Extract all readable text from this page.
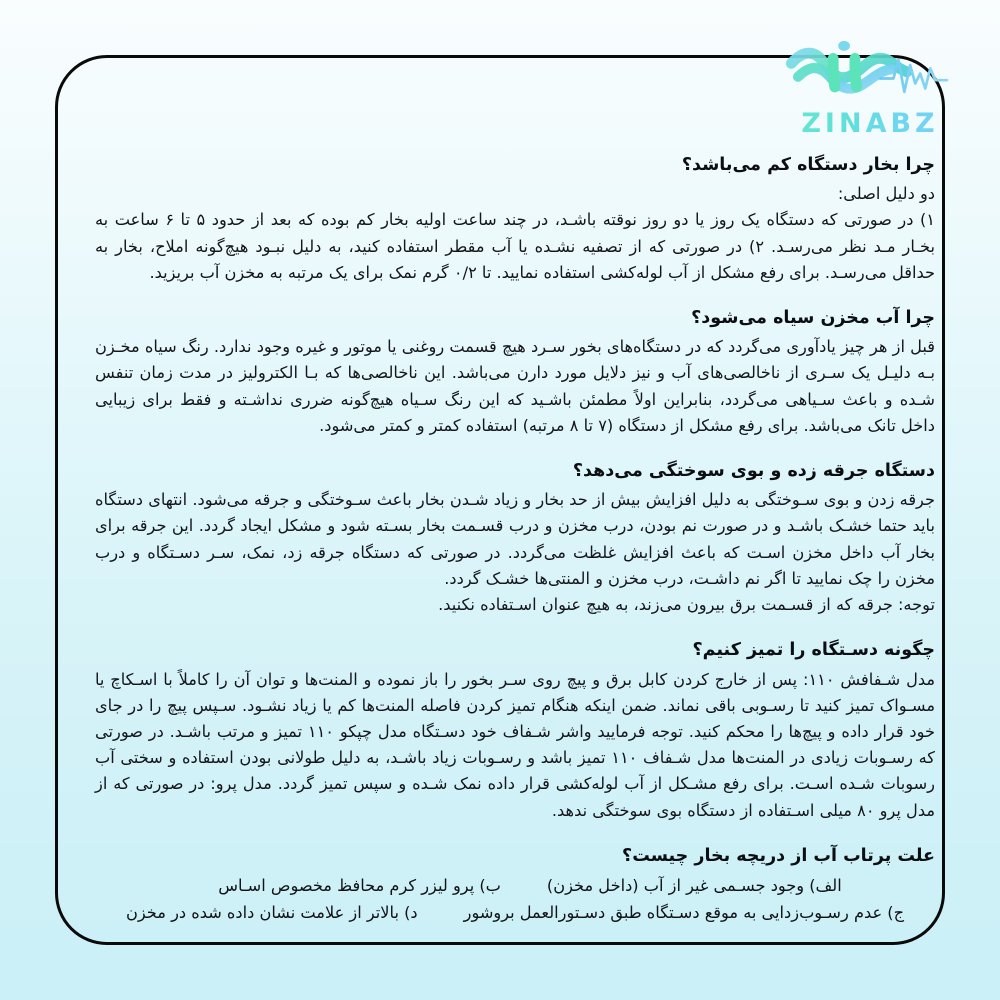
ZINABZ
چرا بخار دستگاه کم می‌باشد؟

دو دلیل اصلی:
۱) در صورتی که دستگاه یک روز یا دو روز نوقته باشـد، در چند ساعت اولیه بخار کم بوده که بعد از حدود ۵ تا ۶ ساعت به بخـار مـد نظر می‌رسـد. ۲) در صورتی که از تصفیه نشـده یا آب مقطر استفاده کنید، به دلیل نبـود هیچ‌گونه املاح، بخار به حداقل می‌رسـد. برای رفع مشکل از آب لوله‌کشی استفاده نمایید. تا ۰/۲ گرم نمک برای یک مرتبه به مخزن آب بریزید.

چرا آب مخزن سیاه می‌شود؟

قبل از هر چیز یادآوری می‌گردد که در دستگاه‌های بخور سـرد هیچ قسمت روغنی یا موتور و غیره وجود ندارد. رنگ سیاه مخـزن بـه دلیـل یک سـری از ناخالصی‌های آب و نیز دلایل مورد دارن می‌باشد. این ناخالصی‌ها که بـا الکترولیز در مدت زمان تنفس شـده و باعث سـیاهی می‌گردد، بنابراین اولاً مطمئن باشـید که این رنگ سـیاه هیچ‌گونه ضرری نداشـته و فقط برای زیبایی داخل تانک می‌باشد. برای رفع مشکل از دستگاه (۷ تا ۸ مرتبه) استفاده کمتر و کمتر می‌شود.

دستگاه جرقه زده و بوی سوختگی می‌دهد؟

جرقه زدن و بوی سـوختگی به دلیل افزایش بیش از حد بخار و زیاد شـدن بخار باعث سـوختگی و جرقه می‌شود. انتهای دستگاه باید حتما خشـک باشـد و در صورت نم بودن، درب مخزن و درب قسـمت بخار بسـته شود و مشکل ایجاد گردد. این جرقه برای بخار آب داخل مخزن اسـت که باعث افزایش غلظت می‌گردد. در صورتی که دستگاه جرقه زد، نمک، سـر دسـتگاه و درب مخزن را چک نمایید تا اگر نم داشـت، درب مخزن و المنتی‌ها خشـک گردد.
توجه: جرقه که از قسـمت برق بیرون می‌زند، به هیچ عنوان اسـتفاده نکنید.

چگونه دسـتگاه را تمیز کنیم؟

مدل شـفافش ۱۱۰: پس از خارج کردن کابل برق و پیچ روی سـر بخور را باز نموده و المنت‌ها و توان آن را کاملاً با اسـکاچ یا مسـواک تمیز کنید تا رسـوبی باقی نماند. ضمن اینکه هنگام تمیز کردن فاصله المنت‌ها کم یا زیاد نشـود. سـپس پیچ را در جای خود قرار داده و پیچ‌ها را محکم کنید. توجه فرمایید واشر شـفاف خود دسـتگاه مدل چپکو ۱۱۰ تمیز و مرتب باشـد. در صورتی که رسـوبات زیادی در المنت‌ها مدل شـفاف ۱۱۰ تمیز باشد و رسـوبات زیاد باشـد، به دلیل طولانی بودن استفاده و سختی آب رسوبات شـده اسـت. برای رفع مشـکل از آب لوله‌کشی قرار داده نمک شـده و سپس تمیز گردد. مدل پرو: در صورتی که از مدل پرو ۸۰ میلی اسـتفاده از دستگاه بوی سوختگی ندهد.

علت پرتاب آب از دریچه بخار چیست؟
الف) وجود جسـمی غیر از آب (داخل مخزن)
ب) پرو لیزر کرم محافظ مخصوص اسـاس
ج) عدم رسـوب‌زدایی به موقع دسـتگاه طبق دسـتورالعمل بروشور
د) بالاتر از علامت نشان داده شده در مخزن
